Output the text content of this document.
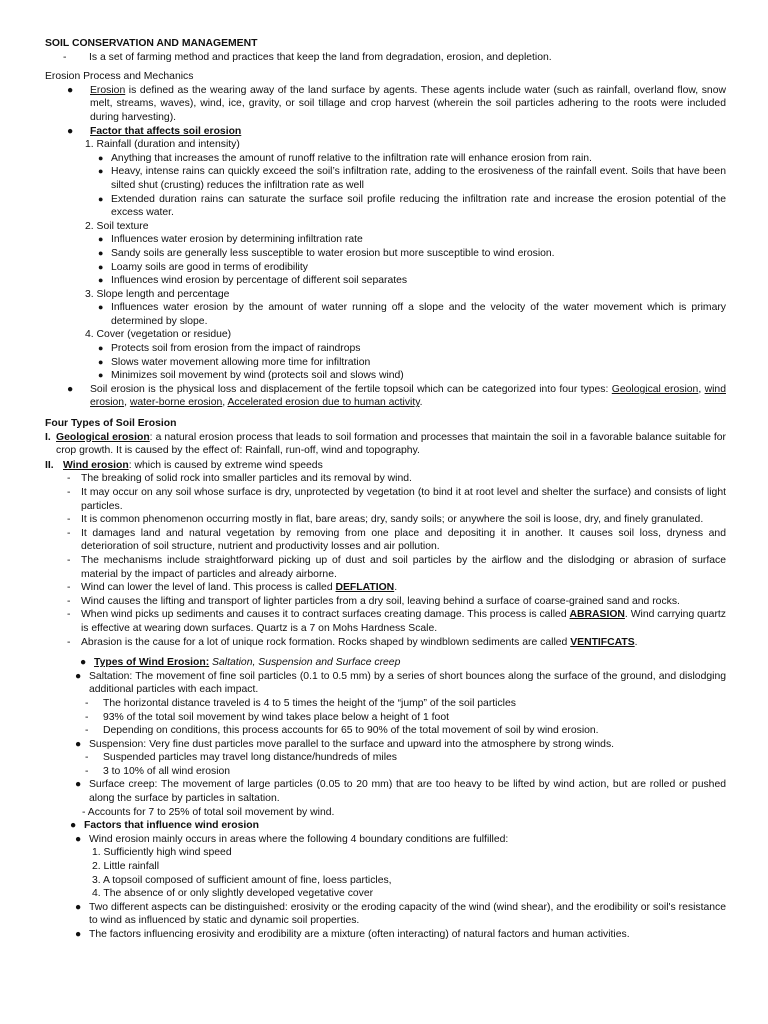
SOIL CONSERVATION AND MANAGEMENT

-	Is a set of farming method and practices that keep the land from degradation, erosion, and depletion.

Erosion Process and Mechanics

●	Erosion is defined as the wearing away of the land surface by agents. These agents include water (such as rainfall, overland flow, snow melt, streams, waves), wind, ice, gravity, or soil tillage and crop harvest (wherein the soil particles adhering to the roots were included during harvesting).
●	Factor that affects soil erosion

1. Rainfall (duration and intensity)

● Anything that increases the amount of runoff relative to the infiltration rate will enhance erosion from rain.
● Heavy, intense rains can quickly exceed the soil’s infiltration rate, adding to the erosiveness of the rainfall event. Soils that have been silted shut (crusting) reduces the infiltration rate as well
● Extended duration rains can saturate the surface soil profile reducing the infiltration rate and increase the erosion potential of the excess water.

2. Soil texture

● Influences water erosion by determining infiltration rate
● Sandy soils are generally less susceptible to water erosion but more susceptible to wind erosion.
● Loamy soils are good in terms of erodibility
● Influences wind erosion by percentage of different soil separates

3. Slope length and percentage

● Influences water erosion by the amount of water running off a slope and the velocity of the water movement which is primary determined by slope.

4. Cover (vegetation or residue)

● Protects soil from erosion from the impact of raindrops
● Slows water movement allowing more time for infiltration
● Minimizes soil movement by wind (protects soil and slows wind)
●	Soil erosion is the physical loss and displacement of the fertile topsoil which can be categorized into four types: Geological erosion, wind erosion, water-borne erosion, Accelerated erosion due to human activity.

Four Types of Soil Erosion

I. Geological erosion: a natural erosion process that leads to soil formation and processes that maintain the soil in a favorable balance suitable for crop growth. It is caused by the effect of: Rainfall, run-off, wind and topography.
II. Wind erosion: which is caused by extreme wind speeds
-	The breaking of solid rock into smaller particles and its removal by wind.
-	It may occur on any soil whose surface is dry, unprotected by vegetation (to bind it at root level and shelter the surface) and consists of light particles.
-	It is common phenomenon occurring mostly in flat, bare areas; dry, sandy soils; or anywhere the soil is loose, dry, and finely granulated.
-	It damages land and natural vegetation by removing from one place and depositing it in another. It causes soil loss, dryness and deterioration of soil structure, nutrient and productivity losses and air pollution.
-	The mechanisms include straightforward picking up of dust and soil particles by the airflow and the dislodging or abrasion of surface material by the impact of particles and already airborne.
-	Wind can lower the level of land. This process is called DEFLATION.
-	Wind causes the lifting and transport of lighter particles from a dry soil, leaving behind a surface of coarse-grained sand and rocks.
-	When wind picks up sediments and causes it to contract surfaces creating damage. This process is called ABRASION. Wind carrying quartz is effective at wearing down surfaces. Quartz is a 7 on Mohs Hardness Scale.
-	Abrasion is the cause for a lot of unique rock formation. Rocks shaped by windblown sediments are called VENTIFCATS.
● Types of Wind Erosion: Saltation, Suspension and Surface creep
● Saltation: The movement of fine soil particles (0.1 to 0.5 mm) by a series of short bounces along the surface of the ground, and dislodging additional particles with each impact.
-	The horizontal distance traveled is 4 to 5 times the height of the “jump” of the soil particles
-	93% of the total soil movement by wind takes place below a height of 1 foot
-	Depending on conditions, this process accounts for 65 to 90% of the total movement of soil by wind erosion.
● Suspension: Very fine dust particles move parallel to the surface and upward into the atmosphere by strong winds.
-	Suspended particles may travel long distance/hundreds of miles
-	3 to 10% of all wind erosion
● Surface creep: The movement of large particles (0.05 to 20 mm) that are too heavy to be lifted by wind action, but are rolled or pushed along the surface by particles in saltation.

- Accounts for 7 to 25% of total soil movement by wind.

● Factors that influence wind erosion
● Wind erosion mainly occurs in areas where the following 4 boundary conditions are fulfilled:

1. Sufficiently high wind speed

2. Little rainfall

3. A topsoil composed of sufficient amount of fine, loess particles,

4. The absence of or only slightly developed vegetative cover

● Two different aspects can be distinguished: erosivity or the eroding capacity of the wind (wind shear), and the erodibility or soil's resistance to wind as influenced by static and dynamic soil properties.
● The factors influencing erosivity and erodibility are a mixture (often interacting) of natural factors and human activities.
